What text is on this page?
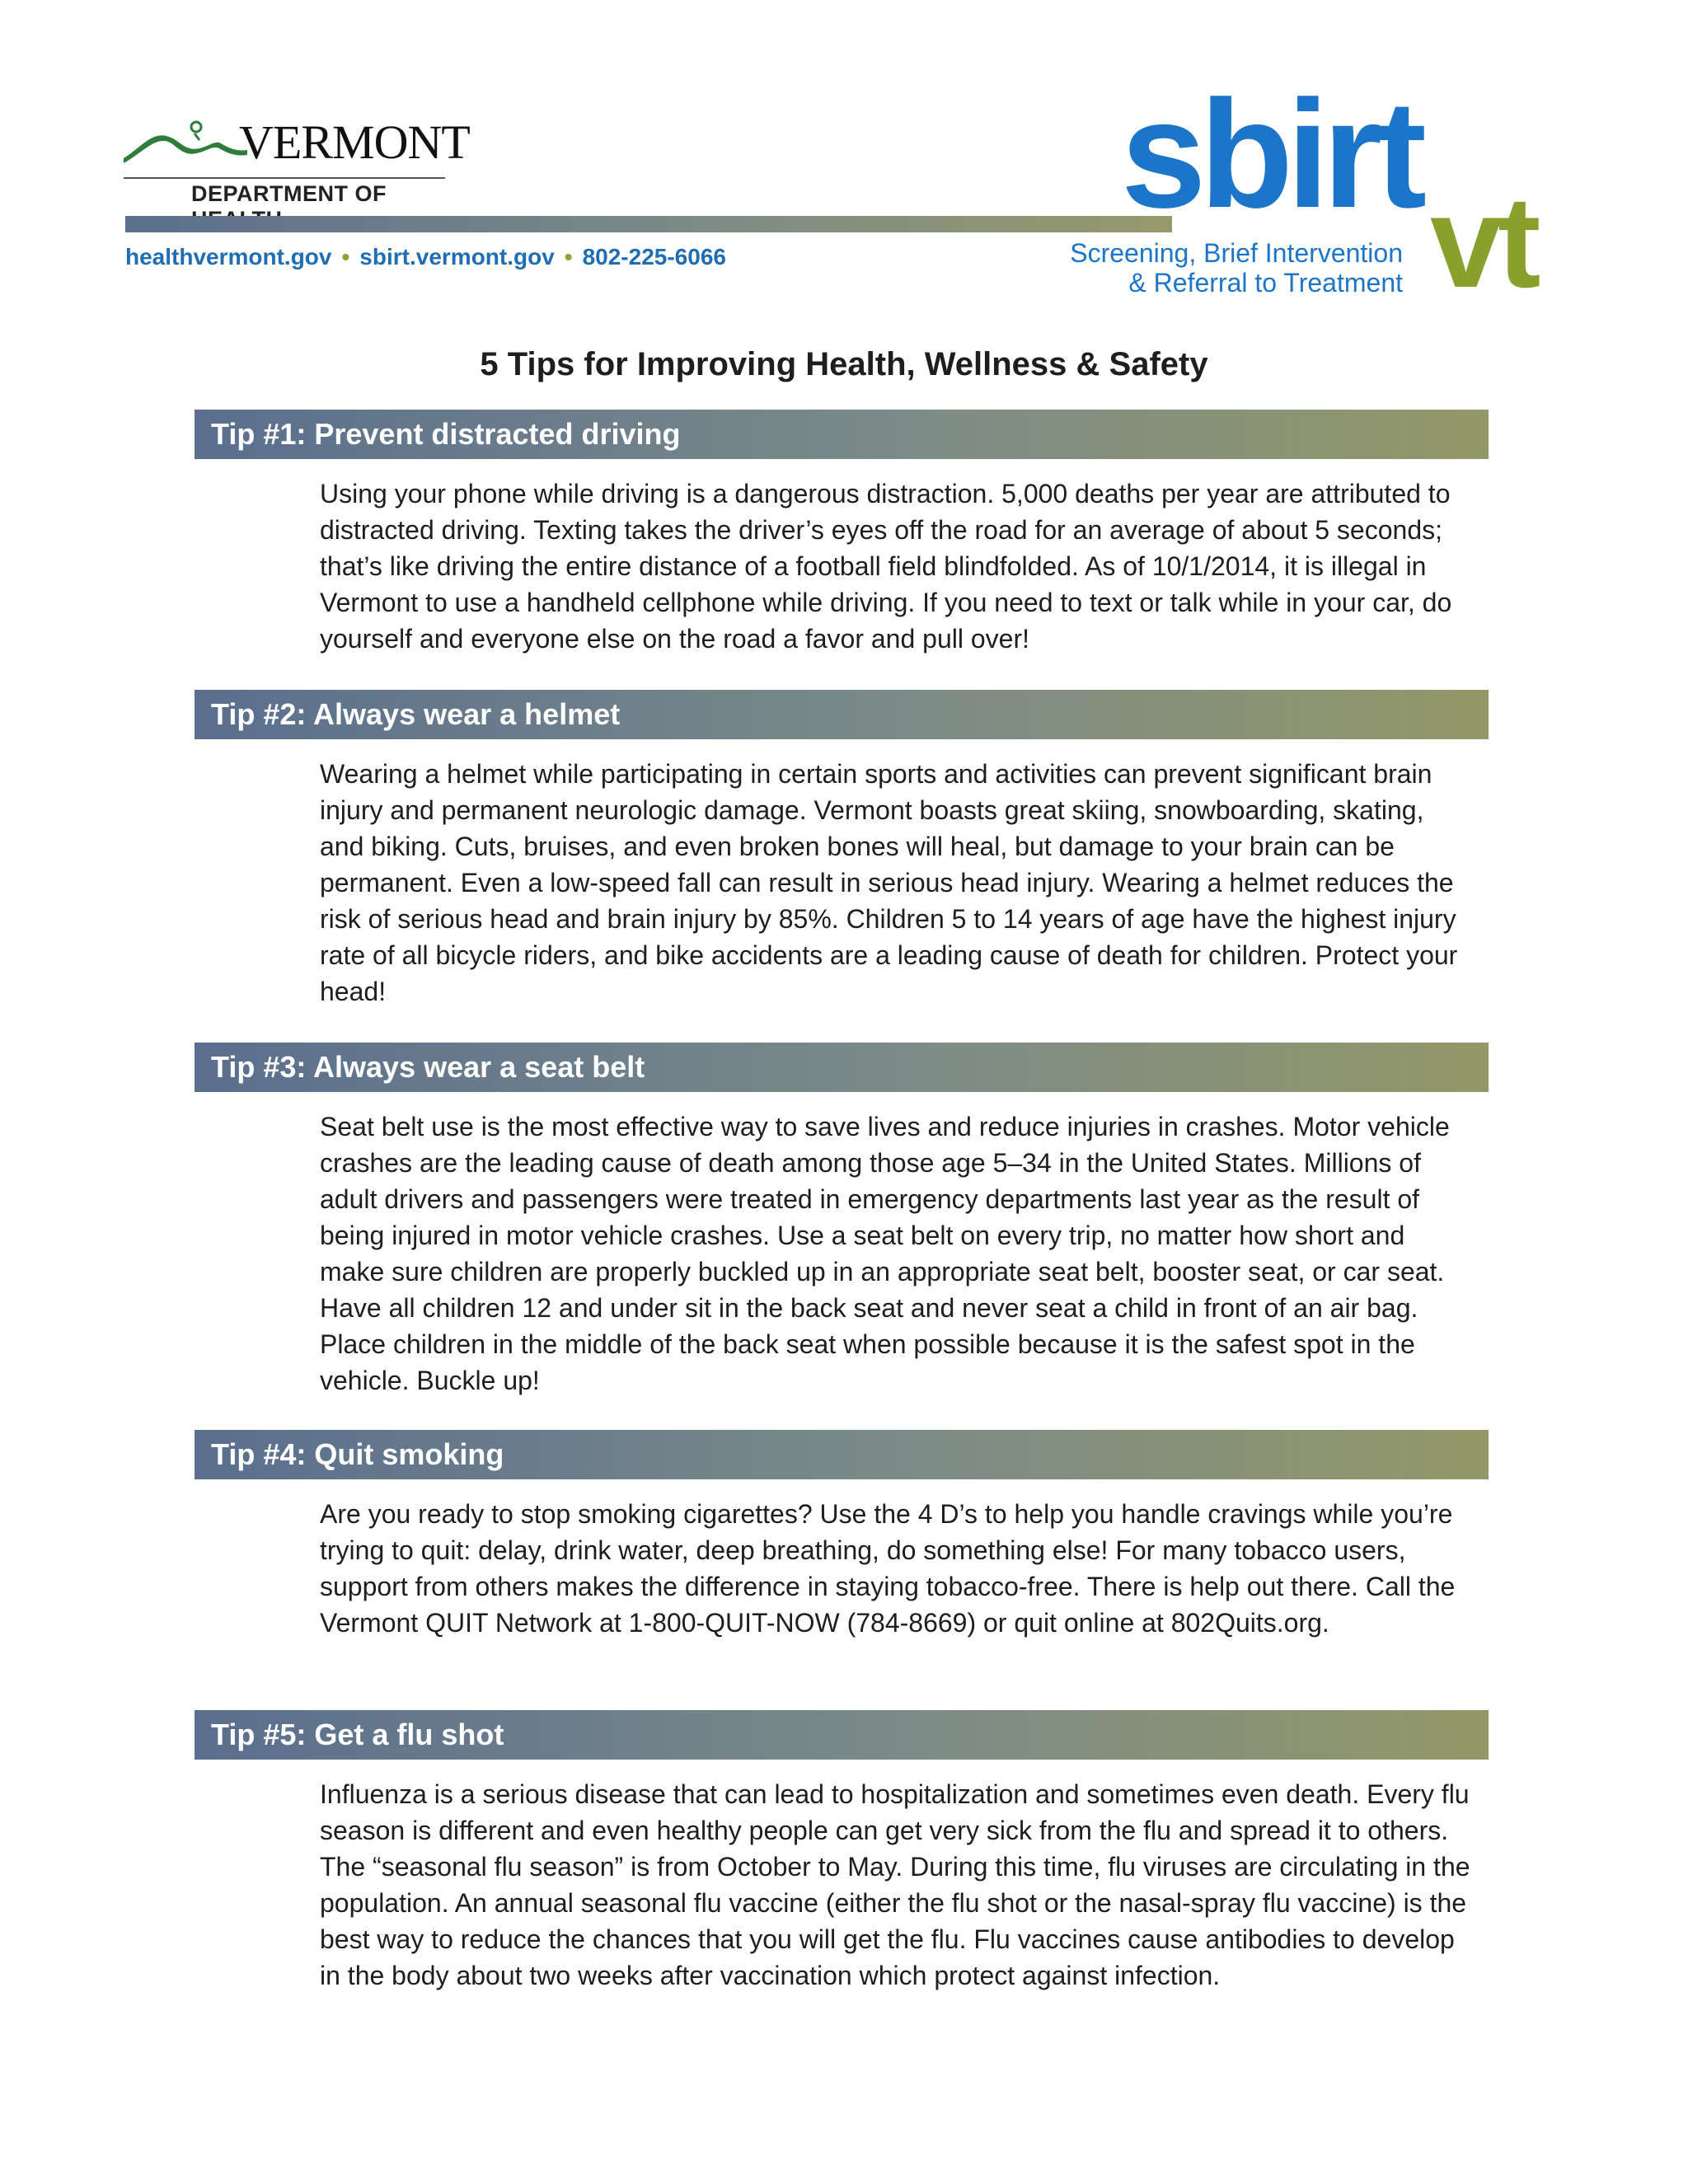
VERMONT

DEPARTMENT OF

healthvermont.gov • sbirt.vermont.gov • 802-225-6066

sbirt

vt

Screening, Brief Intervention

& Referral to Treatment

5 Tips for Improving Health, Wellness & Safety
Tip #1: Prevent distracted driving

Using your phone while driving is a dangerous distraction. 5,000 deaths per year are attributed to distracted driving. Texting takes the driver’s eyes off the road for an average of about 5 seconds; that’s like driving the entire distance of a football field blindfolded. As of 10/1/2014, it is illegal in Vermont to use a handheld cellphone while driving. If you need to text or talk while in your car, do yourself and everyone else on the road a favor and pull over!

Tip #2: Always wear a helmet

Wearing a helmet while participating in certain sports and activities can prevent significant brain injury and permanent neurologic damage. Vermont boasts great skiing, snowboarding, skating, and biking. Cuts, bruises, and even broken bones will heal, but damage to your brain can be permanent. Even a low-speed fall can result in serious head injury. Wearing a helmet reduces the risk of serious head and brain injury by 85%. Children 5 to 14 years of age have the highest injury rate of all bicycle riders, and bike accidents are a leading cause of death for children. Protect your head!

Tip #3: Always wear a seat belt

Seat belt use is the most effective way to save lives and reduce injuries in crashes. Motor vehicle crashes are the leading cause of death among those age 5–34 in the United States. Millions of adult drivers and passengers were treated in emergency departments last year as the result of being injured in motor vehicle crashes. Use a seat belt on every trip, no matter how short and make sure children are properly buckled up in an appropriate seat belt, booster seat, or car seat. Have all children 12 and under sit in the back seat and never seat a child in front of an air bag. Place children in the middle of the back seat when possible because it is the safest spot in the vehicle. Buckle up!

Tip #4: Quit smoking

Are you ready to stop smoking cigarettes? Use the 4 D’s to help you handle cravings while you’re trying to quit: delay, drink water, deep breathing, do something else! For many tobacco users, support from others makes the difference in staying tobacco-free. There is help out there. Call the Vermont QUIT Network at 1-800-QUIT-NOW (784-8669) or quit online at 802Quits.org.

Tip #5: Get a flu shot

Influenza is a serious disease that can lead to hospitalization and sometimes even death. Every flu season is different and even healthy people can get very sick from the flu and spread it to others. The “seasonal flu season” is from October to May. During this time, flu viruses are circulating in the population. An annual seasonal flu vaccine (either the flu shot or the nasal-spray flu vaccine) is the best way to reduce the chances that you will get the flu. Flu vaccines cause antibodies to develop in the body about two weeks after vaccination which protect against infection.
